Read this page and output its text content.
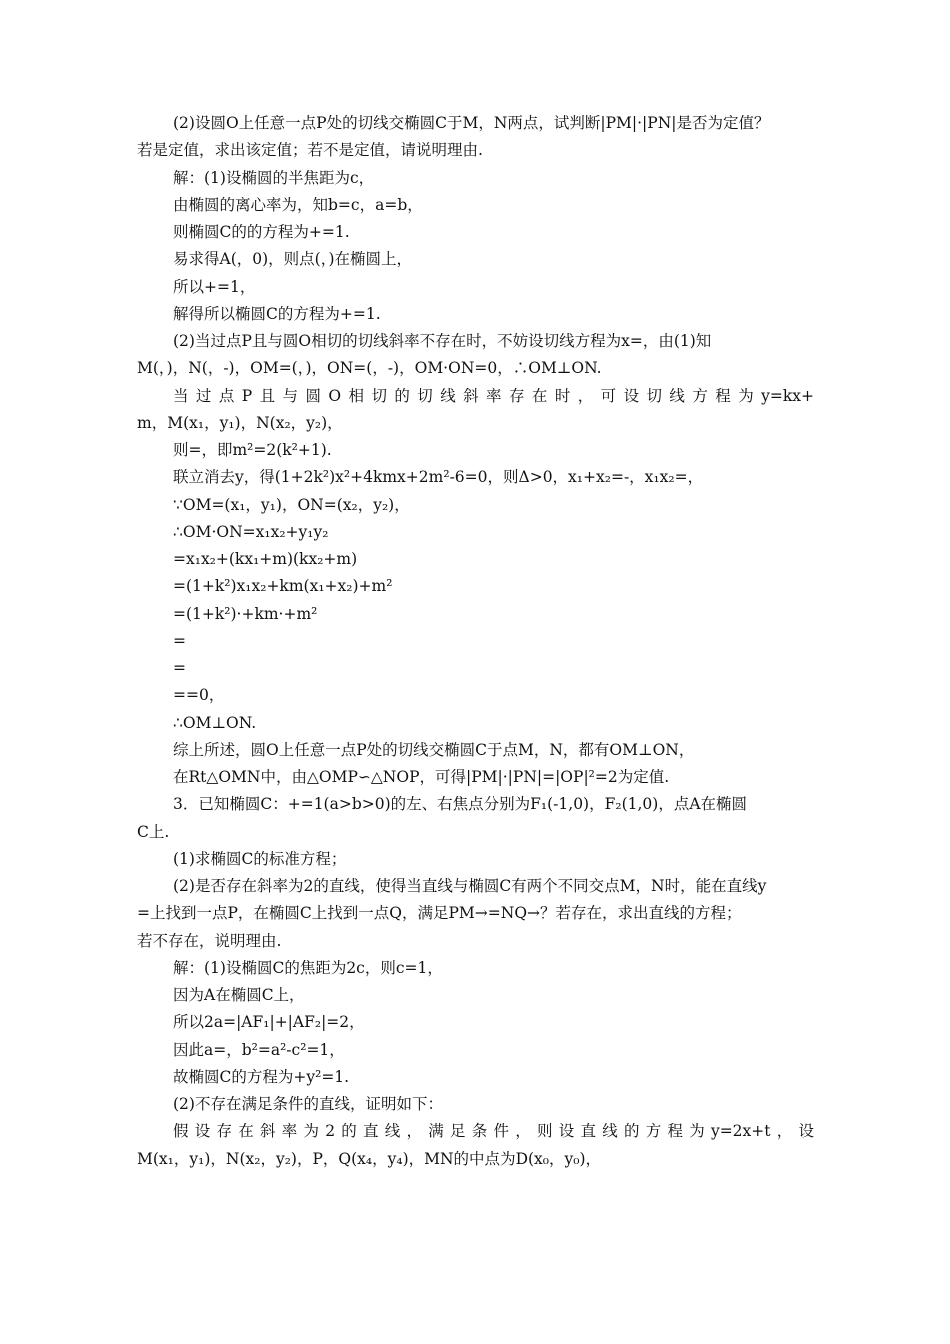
(2)设圆O上任意一点P处的切线交椭圆C于M，N两点，试判断|PM|·|PN|是否为定值？
若是定值，求出该定值；若不是定值，请说明理由.
解：(1)设椭圆的半焦距为c，
由椭圆的离心率为，知b=c，a=b，
则椭圆C的的方程为+=1.
易求得A(，0)，则点(，)在椭圆上，
所以+=1，
解得所以椭圆C的方程为+=1.
(2)当过点P且与圆O相切的切线斜率不存在时，不妨设切线方程为x=，由(1)知
M(，)，N(，-)，OM=(，)，ON=(，-)，OM·ON=0，∴OM⊥ON.
当过点P且与圆O相切的切线斜率存在时，可设切线方程为y=kx+
m，M(x₁，y₁)，N(x₂，y₂)，
则=，即m²=2(k²+1).
联立消去y，得(1+2k²)x²+4kmx+2m²-6=0，则Δ>0，x₁+x₂=-，x₁x₂=，
∵OM=(x₁，y₁)，ON=(x₂，y₂)，
∴OM·ON=x₁x₂+y₁y₂
=x₁x₂+(kx₁+m)(kx₂+m)
=(1+k²)x₁x₂+km(x₁+x₂)+m²
=(1+k²)·+km·+m²
=
=
==0，
∴OM⊥ON.
综上所述，圆O上任意一点P处的切线交椭圆C于点M，N，都有OM⊥ON，
在Rt△OMN中，由△OMP∽△NOP，可得|PM|·|PN|=|OP|²=2为定值.
3．已知椭圆C：+=1(a>b>0)的左、右焦点分别为F₁(-1,0)，F₂(1,0)，点A在椭圆
C上.
(1)求椭圆C的标准方程；
(2)是否存在斜率为2的直线，使得当直线与椭圆C有两个不同交点M，N时，能在直线y
=上找到一点P，在椭圆C上找到一点Q，满足PM→=NQ→？若存在，求出直线的方程；
若不存在，说明理由.
解：(1)设椭圆C的焦距为2c，则c=1，
因为A在椭圆C上，
所以2a=|AF₁|+|AF₂|=2，
因此a=，b²=a²-c²=1，
故椭圆C的方程为+y²=1.
(2)不存在满足条件的直线，证明如下：
假设存在斜率为2的直线，满足条件，则设直线的方程为y=2x+t，设
M(x₁，y₁)，N(x₂，y₂)，P，Q(x₄，y₄)，MN的中点为D(x₀，y₀)，
